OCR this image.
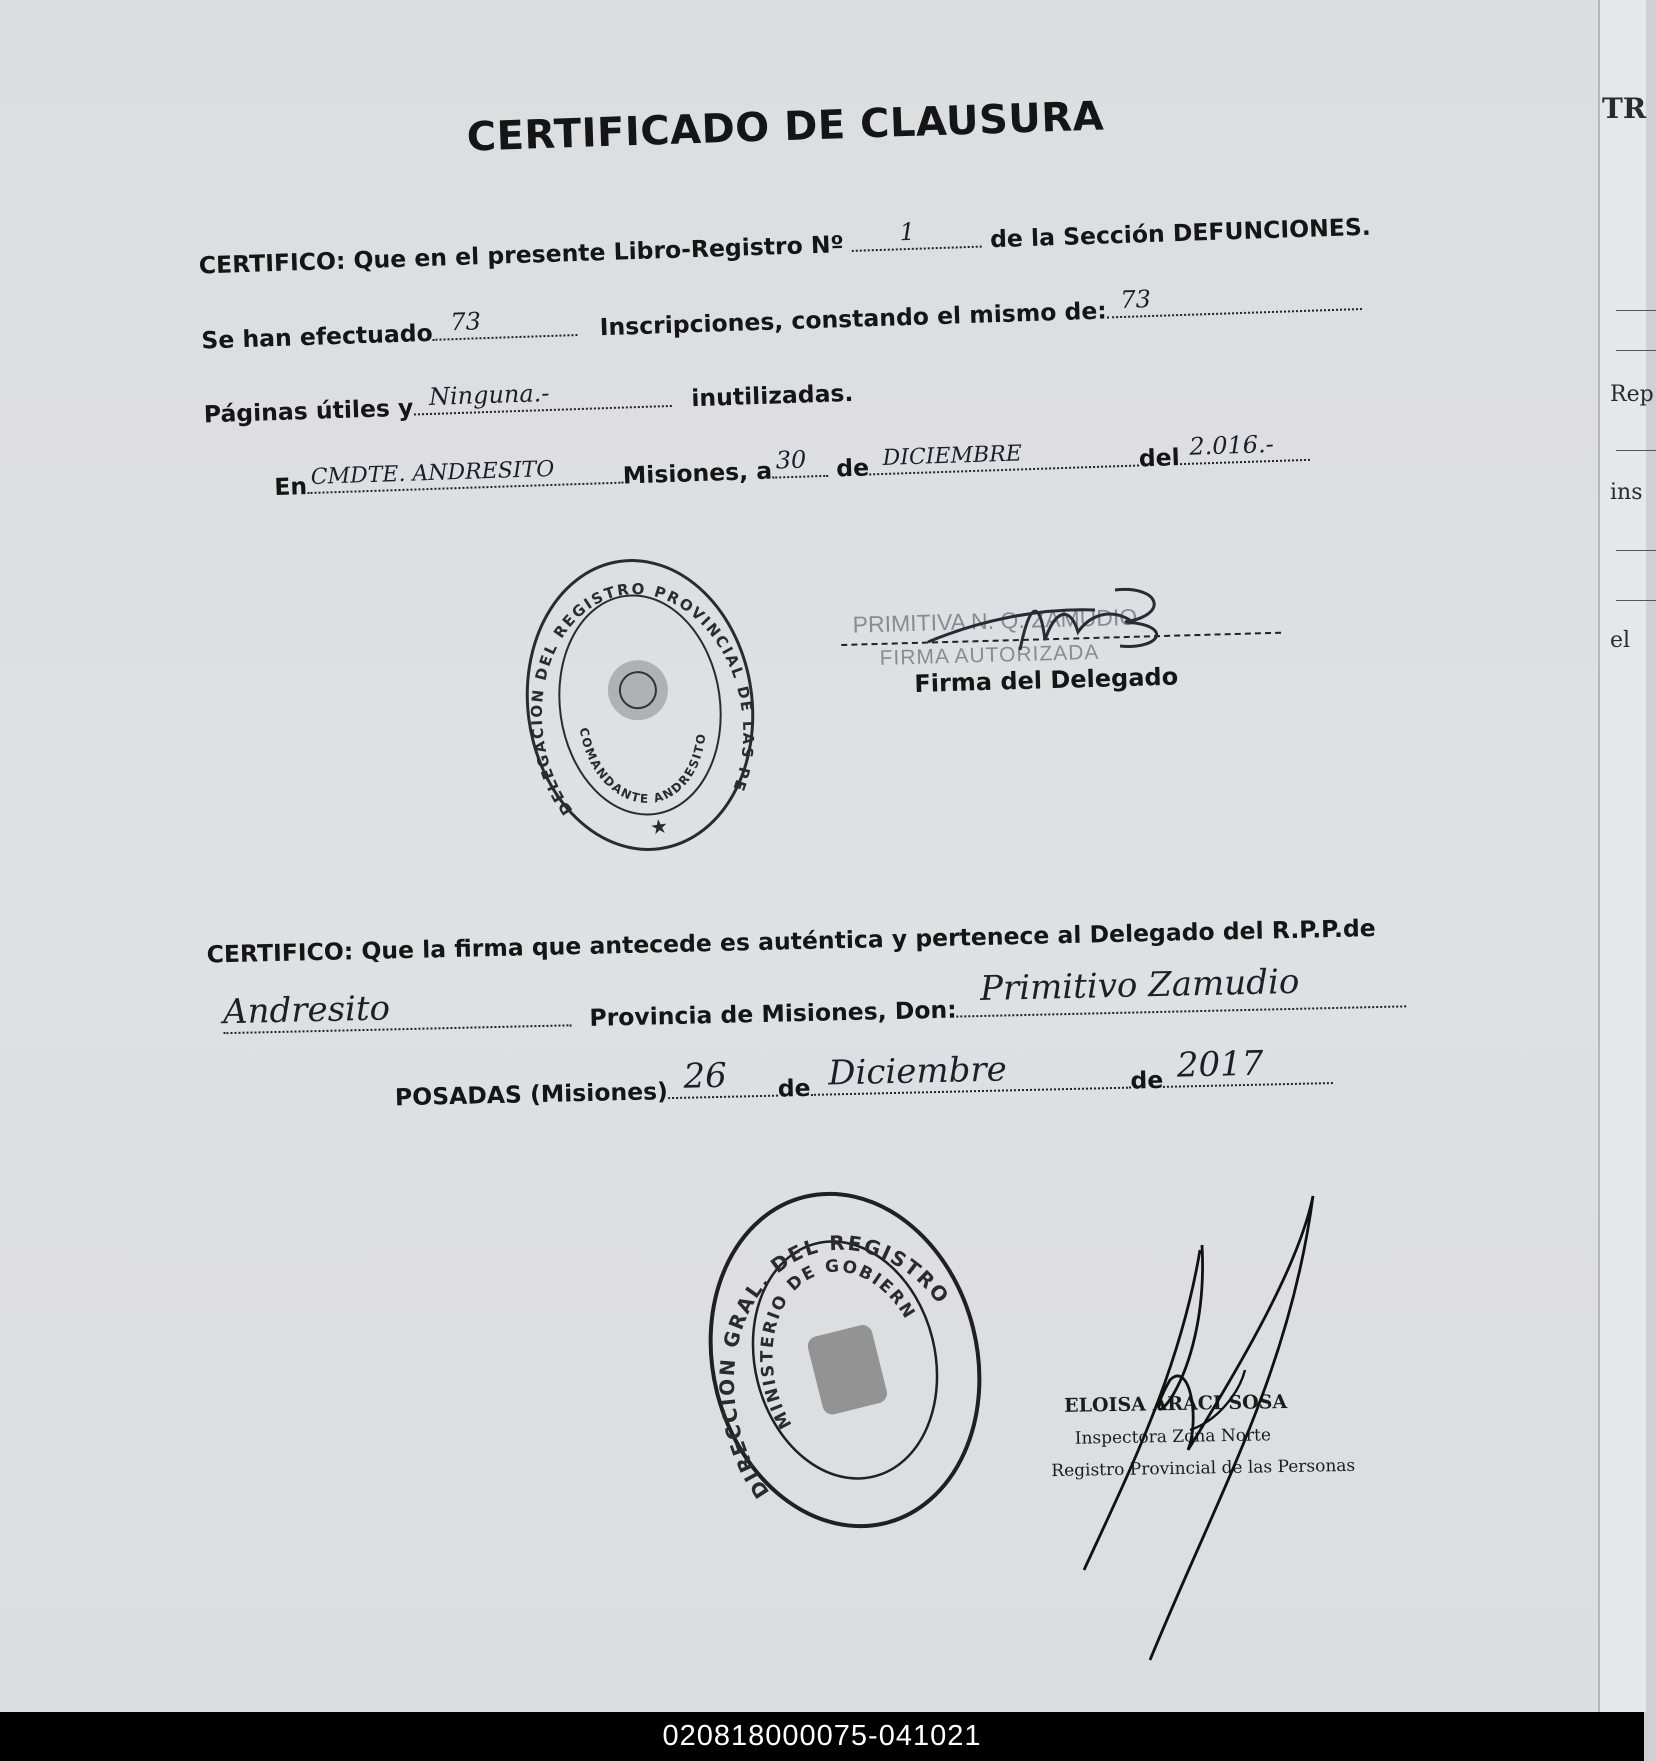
CERTIFICADO DE CLAUSURA
CERTIFICO: Que en el presente Libro-Registro Nº 1	de la Sección DEFUNCIONES.
Se han efectuado 73	Inscripciones, constando el mismo de: 73
Páginas útiles y Ninguna.-	inutilizadas.
En CMDTE. ANDRESITO	Misiones, a 30 de DICIEMBRE	del 2.016.-
DELEGACION DEL REGISTRO PROVINCIAL DE LAS PERSONAS
COMANDANTE ANDRESITO
★
PRIMITIVA N. Q. ZAMUDIO
FIRMA AUTORIZADA
Firma del Delegado
CERTIFICO: Que la firma que antecede es auténtica y pertenece al Delegado del R.P.P.de
Andresito	Provincia de Misiones, Don:
Primitivo Zamudio
POSADAS (Misiones) 26 de Diciembre	de 2017
DIRECCION GRAL. DEL REGISTRO
MINISTERIO DE GOBIERNO
ELOISA ARACI SOSA
Inspectora Zona Norte
Registro Provincial de las Personas
TR
Rep
ins
el
020818000075-041021
